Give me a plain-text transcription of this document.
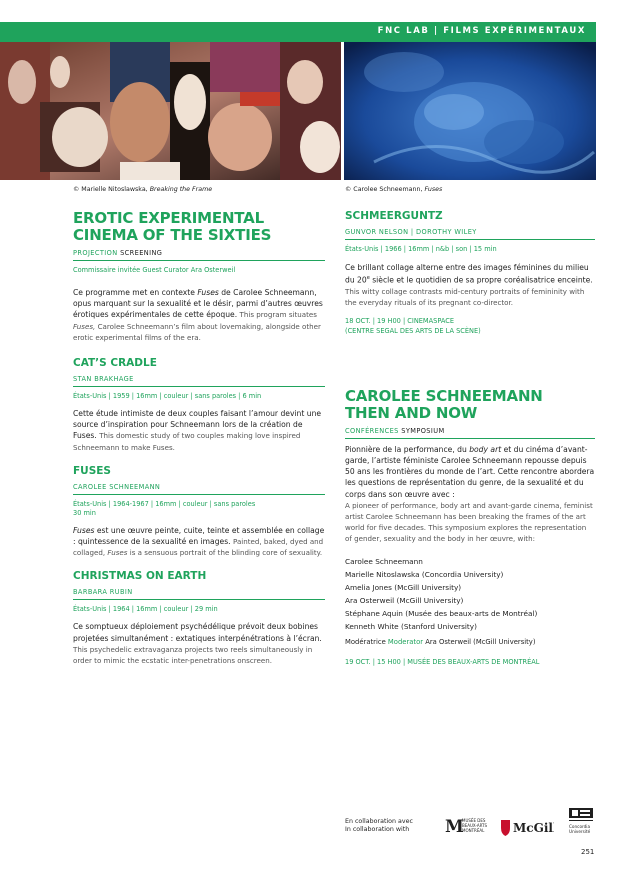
FNC LAB | FILMS EXPÉRIMENTAUX
© Marielle Nitoslawska, Breaking the Frame	© Carolee Schneemann, Fuses
EROTIC EXPERIMENTAL
CINEMA OF THE SIXTIES
PROJECTION SCREENING
Commissaire invitée Guest Curator Ara Osterweil
Ce programme met en contexte Fuses de Carolee Schneemann, opus marquant sur la sexualité et le désir, parmi d’autres œuvres érotiques expérimentales de cette époque. This program situates Fuses, Carolee Schneemann’s film about lovemaking, alongside other erotic experimental films of the era.
CAT’S CRADLE
STAN BRAKHAGE
États-Unis | 1959 | 16mm | couleur | sans paroles | 6 min
Cette étude intimiste de deux couples faisant l’amour devint une source d’inspiration pour Schneemann lors de la création de Fuses. This domestic study of two couples making love inspired Schneemann to make Fuses.
FUSES
CAROLEE SCHNEEMANN
États-Unis | 1964-1967 | 16mm | couleur | sans paroles
30 min
Fuses est une œuvre peinte, cuite, teinte et assemblée en collage : quintessence de la sexualité en images. Painted, baked, dyed and collaged, Fuses is a sensuous portrait of the blinding core of sexuality.
CHRISTMAS ON EARTH
BARBARA RUBIN
États-Unis | 1964 | 16mm | couleur | 29 min
Ce somptueux déploiement psychédélique prévoit deux bobines projetées simultanément : extatiques interpénétrations à l’écran. This psychedelic extravaganza projects two reels simultaneously in order to mimic the ecstatic inter-penetrations onscreen.
SCHMEERGUNTZ
GUNVOR NELSON | DOROTHY WILEY
États-Unis | 1966 | 16mm | n&b | son | 15 min
Ce brillant collage alterne entre des images féminines du milieu du 20e siècle et le quotidien de sa propre coréalisatrice enceinte. This witty collage contrasts mid-century portraits of femininity with the everyday rituals of its pregnant co-director.
18 OCT. | 19 H00 | CINEMASPACE
(CENTRE SEGAL DES ARTS DE LA SCÈNE)
CAROLEE SCHNEEMANN
THEN AND NOW
CONFÉRENCES SYMPOSIUM
Pionnière de la performance, du body art et du cinéma d’avant-garde, l’artiste féministe Carolee Schneemann repousse depuis 50 ans les frontières du monde de l’art. Cette rencontre abordera les questions de représentation du genre, de la sexualité et du corps dans son œuvre avec :
A pioneer of performance, body art and avant-garde cinema, feminist artist Carolee Schneemann has been breaking the frames of the art world for five decades. This symposium explores the representation of gender, sexuality and the body in her œuvre, with:
Carolee Schneemann
Marielle Nitoslawska (Concordia University)
Amelia Jones (McGill University)
Ara Osterweil (McGill University)
Stéphane Aquin (Musée des beaux-arts de Montréal)
Kenneth White (Stanford University)
Modératrice Moderator Ara Osterweil (McGill University)
19 OCT. | 15 H00 | MUSÉE DES BEAUX-ARTS DE MONTRÉAL
En collaboration avec
In collaboration with M
MUSÉE DES
BEAUX-ARTS
MONTRÉAL McGill	Concordia
Université
251
